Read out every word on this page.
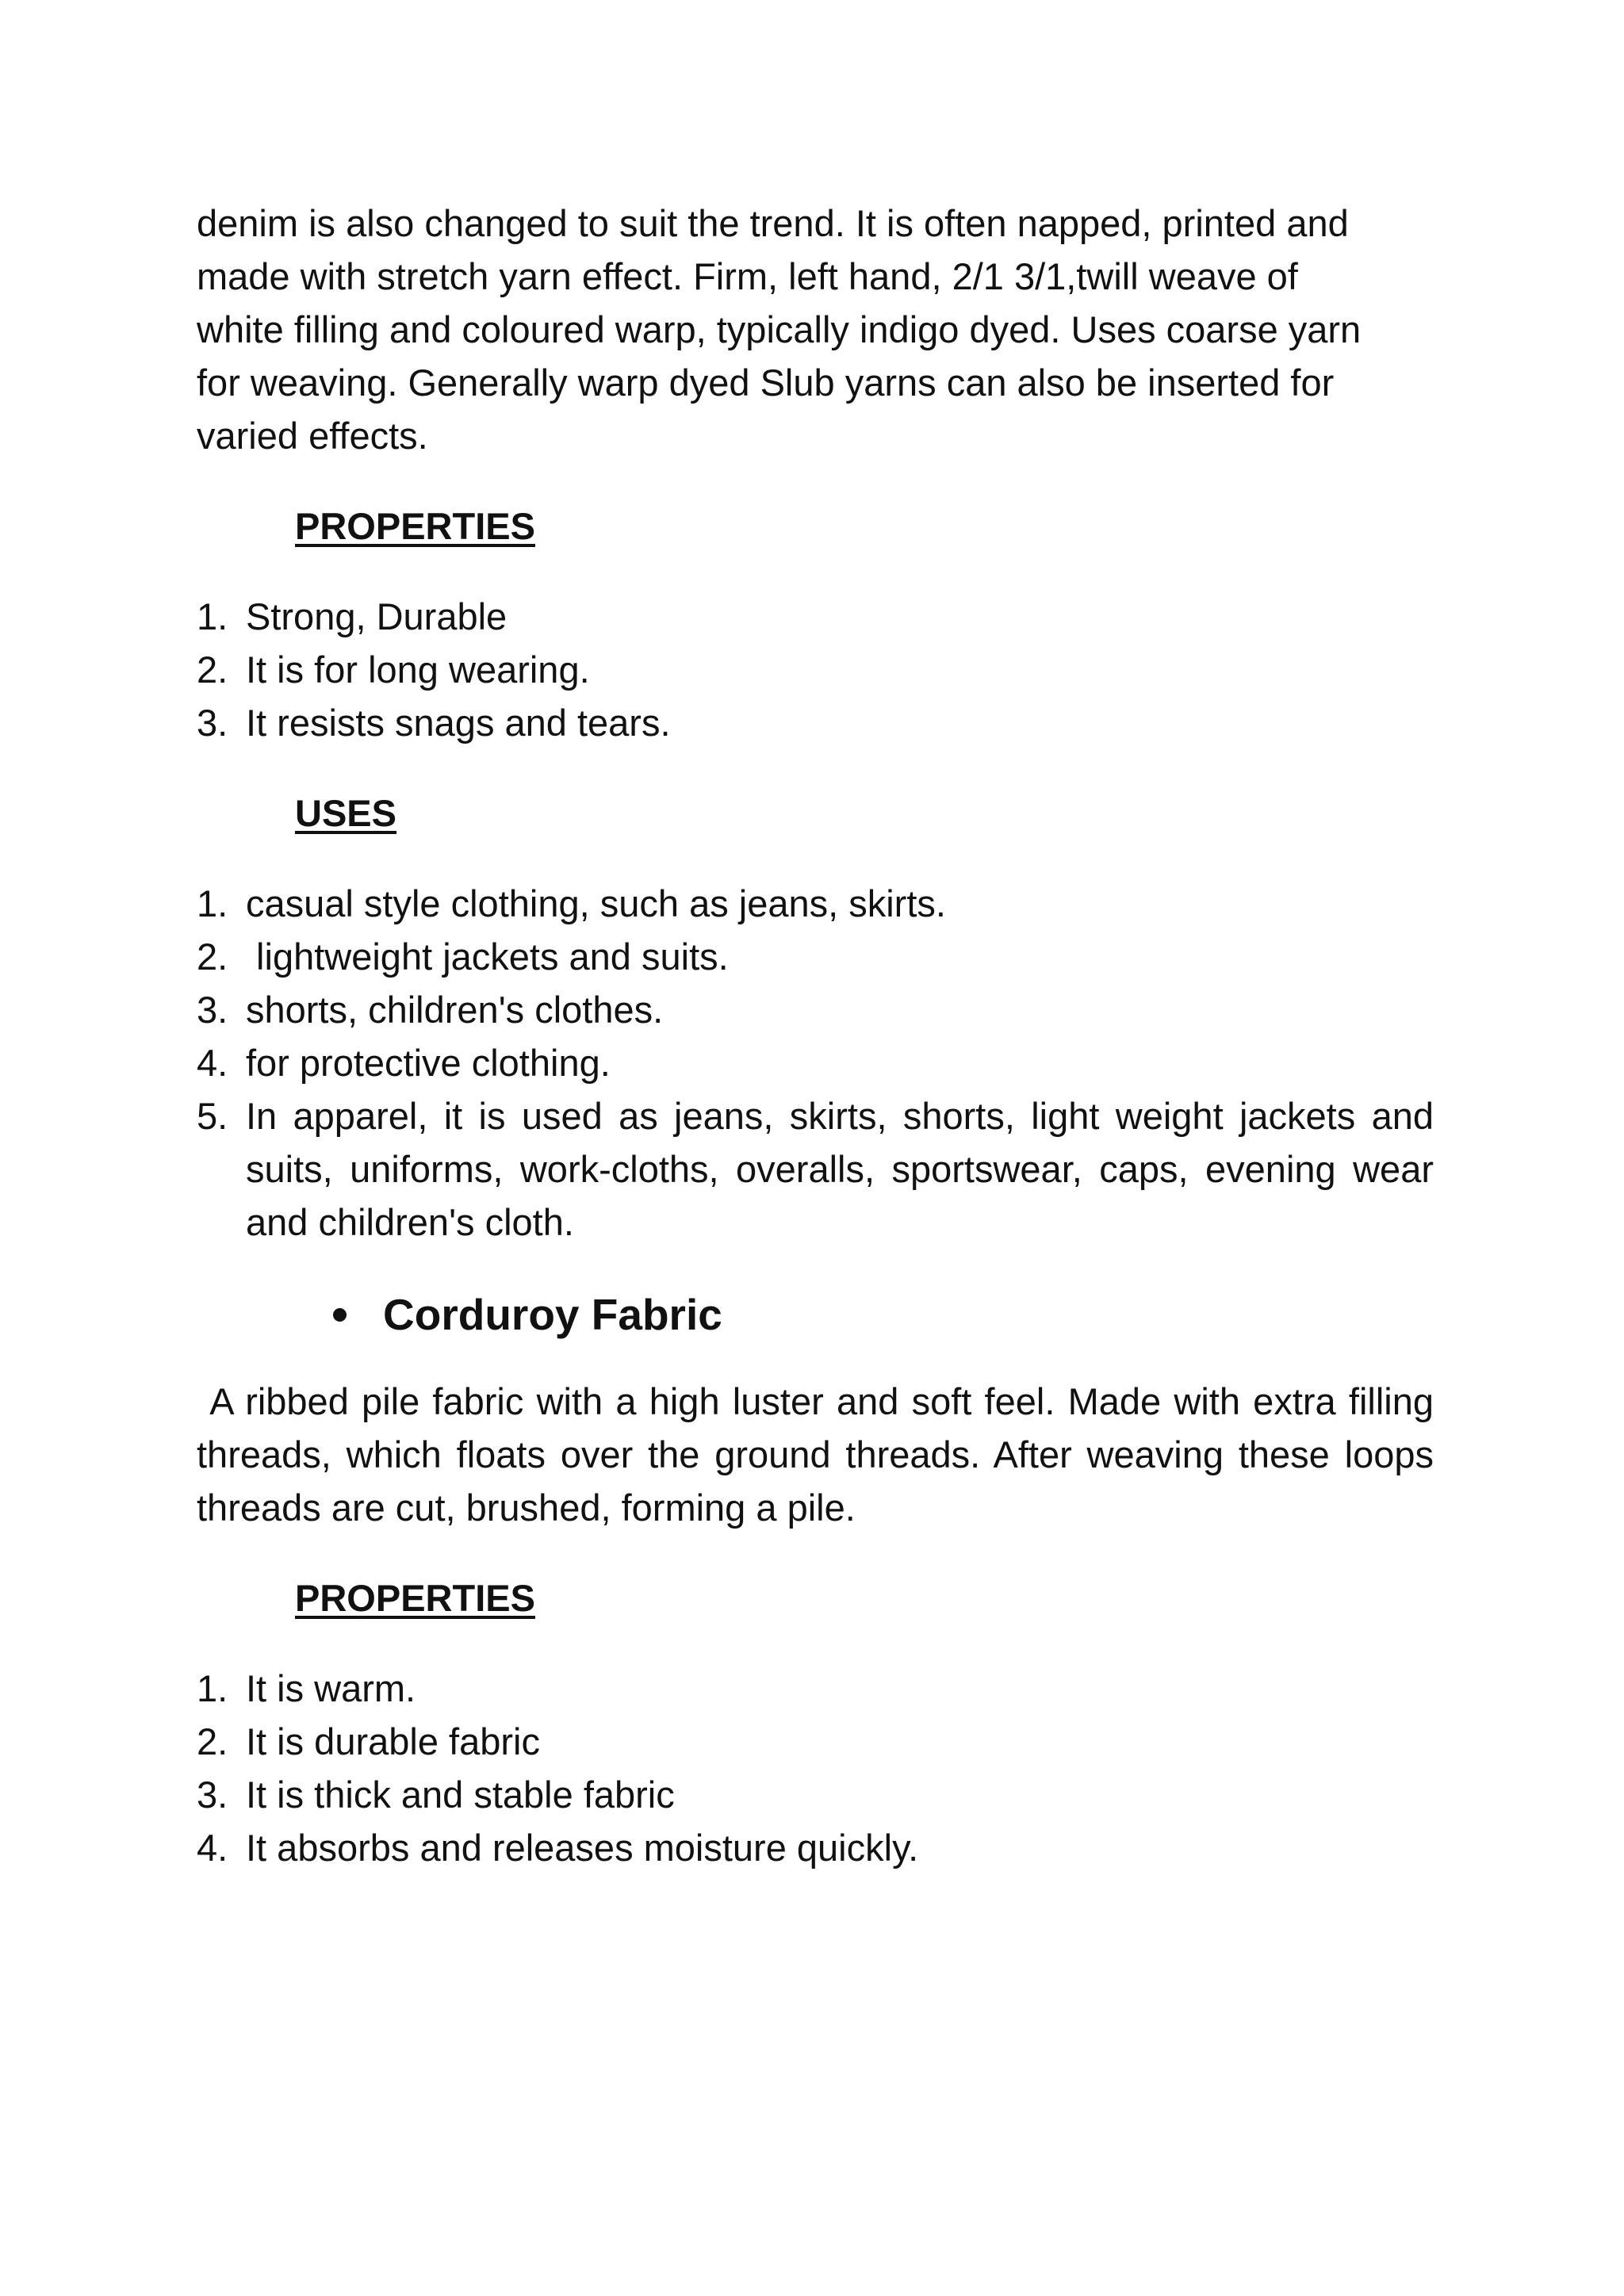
denim is also changed to suit the trend. It is often napped, printed and

made with stretch yarn effect. Firm, left hand, 2/1 3/1,twill weave of

white filling and coloured warp, typically indigo dyed. Uses coarse yarn

for weaving. Generally warp dyed Slub yarns can also be inserted for

varied effects.

PROPERTIES
1. Strong, Durable
2. It is for long wearing.
3. It resists snags and tears.
USES
1. casual style clothing, such as jeans, skirts.
2. lightweight jackets and suits.
3. shorts, children's clothes.
4. for protective clothing.
5. In apparel, it is used as jeans, skirts, shorts, light weight jackets and suits, uniforms, work-cloths, overalls, sportswear, caps, evening wear and children's cloth.
Corduroy Fabric

A ribbed pile fabric with a high luster and soft feel. Made with extra filling threads, which floats over the ground threads. After weaving these loops threads are cut, brushed, forming a pile.

PROPERTIES
1. It is warm.
2. It is durable fabric
3. It is thick and stable fabric
4. It absorbs and releases moisture quickly.
